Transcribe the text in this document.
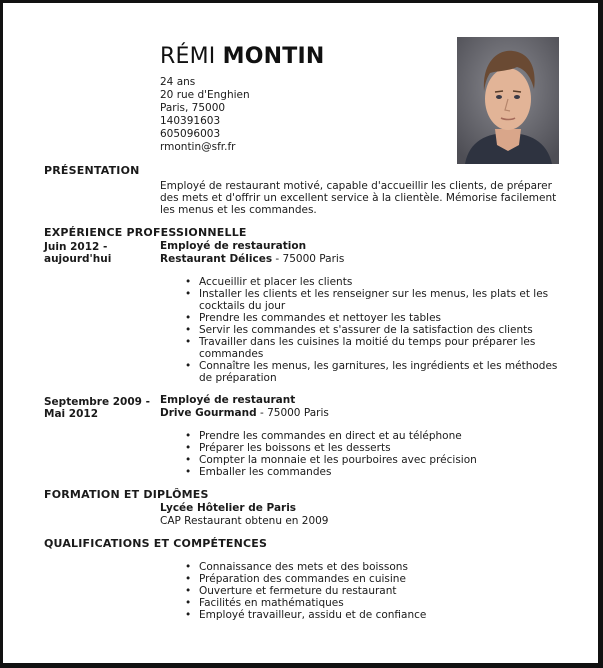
RÉMI MONTIN
24 ans
20 rue d'Enghien
Paris, 75000
140391603
605096003
rmontin@sfr.fr
PRÉSENTATION
Employé de restaurant motivé, capable d'accueillir les clients, de préparer
des mets et d'offrir un excellent service à la clientèle. Mémorise facilement
les menus et les commandes.
EXPÉRIENCE PROFESSIONNELLE
Juin 2012 -
aujourd'hui
Employé de restauration
Restaurant Délices - 75000 Paris
• Accueillir et placer les clients
• Installer les clients et les renseigner sur les menus, les plats et les
cocktails du jour
• Prendre les commandes et nettoyer les tables
• Servir les commandes et s'assurer de la satisfaction des clients
• Travailler dans les cuisines la moitié du temps pour préparer les
commandes
• Connaître les menus, les garnitures, les ingrédients et les méthodes
de préparation
Septembre 2009 -
Mai 2012
Employé de restaurant
Drive Gourmand - 75000 Paris
• Prendre les commandes en direct et au téléphone
• Préparer les boissons et les desserts
• Compter la monnaie et les pourboires avec précision
• Emballer les commandes
FORMATION ET DIPLÔMES
Lycée Hôtelier de Paris
CAP Restaurant obtenu en 2009
QUALIFICATIONS ET COMPÉTENCES
• Connaissance des mets et des boissons
• Préparation des commandes en cuisine
• Ouverture et fermeture du restaurant
• Facilités en mathématiques
• Employé travailleur, assidu et de confiance
